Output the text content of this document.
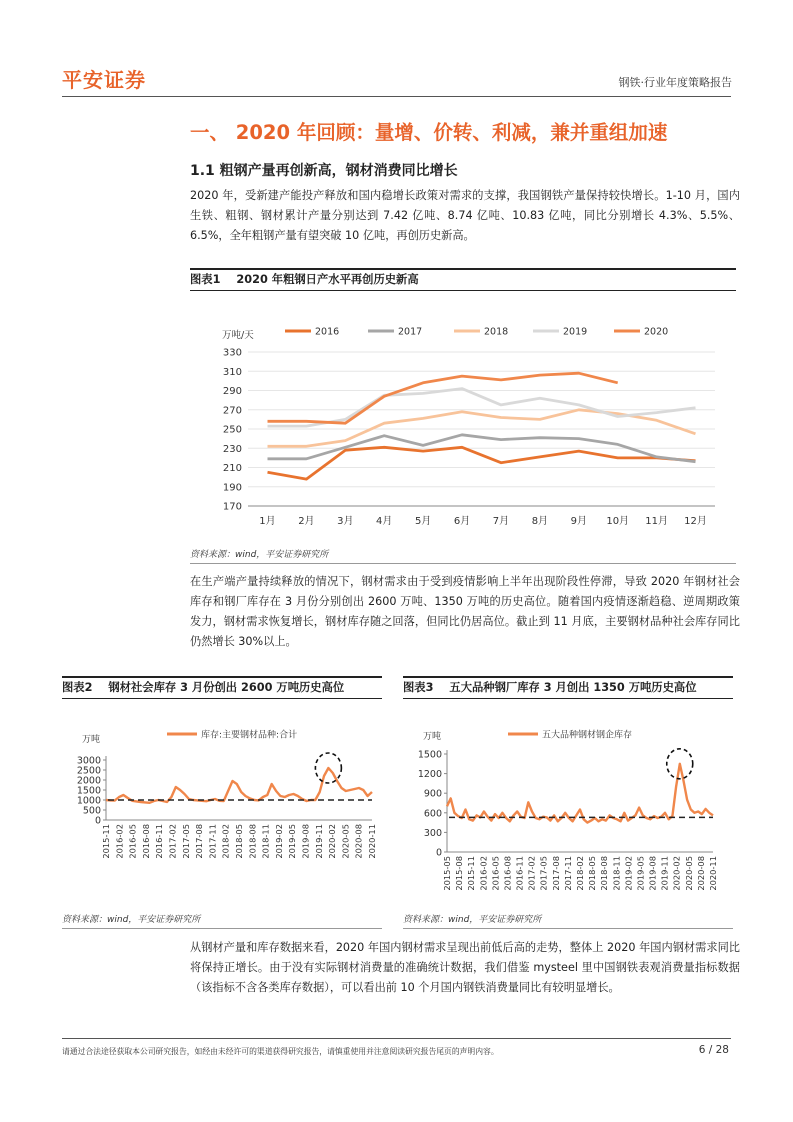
平安证券	钢铁·行业年度策略报告
一、 2020 年回顾：量增、价转、利减，兼并重组加速
1.1 粗钢产量再创新高，钢材消费同比增长
2020 年，受新建产能投产释放和国内稳增长政策对需求的支撑，我国钢铁产量保持较快增长。1-10 月，国内生铁、粗钢、钢材累计产量分别达到 7.42 亿吨、8.74 亿吨、10.83 亿吨，同比分别增长 4.3%、5.5%、6.5%，全年粗钢产量有望突破 10 亿吨，再创历史新高。
图表1 2020 年粗钢日产水平再创历史新高
万吨/天
170
190
210
230
250
270
290
310
330
1月 2月 3月 4月 5月 6月 7月 8月 9月 10月 11月 12月
2016	2017	2018	2019	2020
资料来源：wind，平安证券研究所
在生产端产量持续释放的情况下，钢材需求由于受到疫情影响上半年出现阶段性停滞，导致 2020 年钢材社会库存和钢厂库存在 3 月份分别创出 2600 万吨、1350 万吨的历史高位。随着国内疫情逐渐趋稳、逆周期政策发力，钢材需求恢复增长，钢材库存随之回落，但同比仍居高位。截止到 11 月底，主要钢材品种社会库存同比仍然增长 30%以上。
图表2 钢材社会库存 3 月份创出 2600 万吨历史高位
万吨
0
500
1000
1500
2000
2500
3000
2015-11 2016-02 2016-05 2016-08 2016-11 2017-02 2017-05 2017-08 2017-11 2018-02 2018-05 2018-08 2018-11 2019-02 2019-05 2019-08 2019-11 2020-02 2020-05 2020-08 2020-11
库存:主要钢材品种:合计
资料来源：wind，平安证券研究所
图表3 五大品种钢厂库存 3 月创出 1350 万吨历史高位
万吨
0
300
600
900
1200
1500
2015-05 2015-08 2015-11 2016-02 2016-05 2016-08 2016-11 2017-02 2017-05 2017-08 2017-11 2018-02 2018-05 2018-08 2018-11 2019-02 2019-05 2019-08 2019-11 2020-02 2020-05 2020-08 2020-11
五大品种钢材钢企库存
资料来源：wind，平安证券研究所
从钢材产量和库存数据来看，2020 年国内钢材需求呈现出前低后高的走势，整体上 2020 年国内钢材需求同比将保持正增长。由于没有实际钢材消费量的准确统计数据，我们借鉴 mysteel 里中国钢铁表观消费量指标数据（该指标不含各类库存数据），可以看出前 10 个月国内钢铁消费量同比有较明显增长。
请通过合法途径获取本公司研究报告，如经由未经许可的渠道获得研究报告，请慎重使用并注意阅读研究报告尾页的声明内容。	6 / 28
